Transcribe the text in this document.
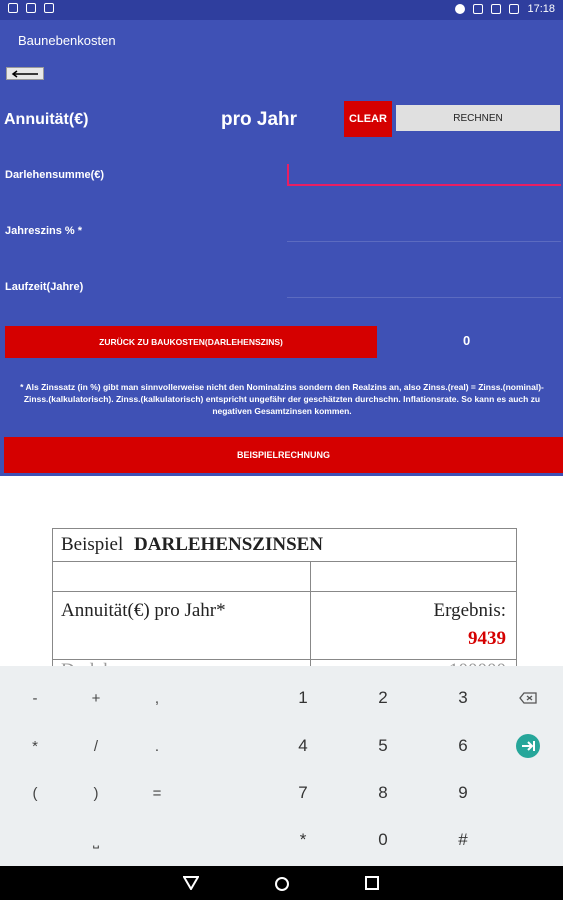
17:18
Baunebenkosten
Annuität(€)	pro Jahr	CLEAR	RECHNEN
Darlehensumme(€)
Jahreszins % *
Laufzeit(Jahre)
ZURÜCK ZU BAUKOSTEN(DARLEHENSZINS)	0
* Als Zinssatz (in %) gibt man sinnvollerweise nicht den Nominalzins sondern den Realzins an, also Zinss.(real) = Zinss.(nominal)-Zinss.(kalkulatorisch). Zinss.(kalkulatorisch) entspricht ungefähr der geschätzten durchschn. Inflationsrate. So kann es auch zu negativen Gesamtzinsen kommen.
BEISPIELRECHNUNG
Beispiel DARLEHENSZINSEN	

Annuität(€) pro Jahr*	Ergebnis:
9439

-	+	,	1	2	3
*	/	.	4	5	6
(	)	=	7	8	9
⎵	*	0	#
